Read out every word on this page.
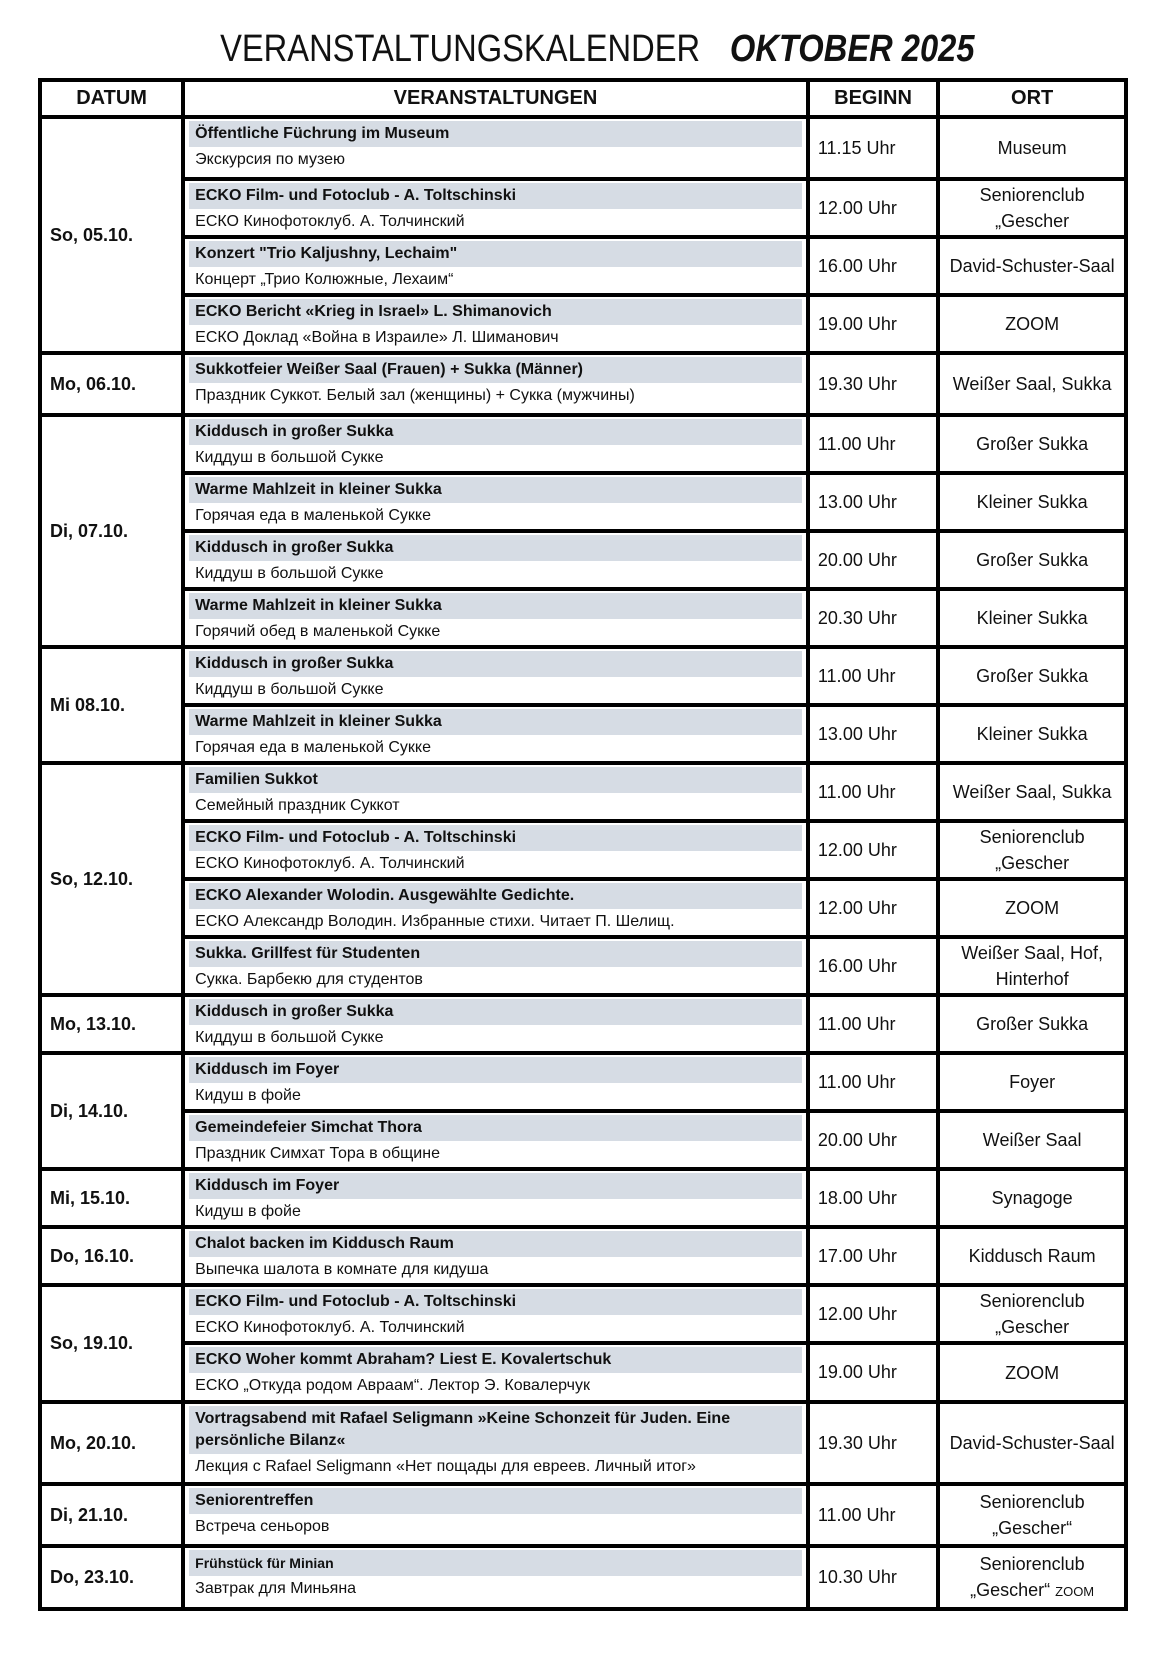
VERANSTALTUNGSKALENDER OKTOBER 2025
DATUM	VERANSTALTUNGEN	BEGINN	ORT
So, 05.10.	Öffentliche Füchrung im Museum
Экскурсия по музею	11.15 Uhr	Museum

	ECKO Film- und Fotoclub - A. Toltschinski
ЕСКО Кинофотоклуб. А. Толчинский	12.00 Uhr	Seniorenclub „Gescher

	Konzert "Trio Kaljushny, Lechaim"
Концерт „Трио Колюжные, Лехаим“	16.00 Uhr	David-Schuster-Saal

	ECKO Bericht «Krieg in Israel» L. Shimanovich
ЕСКО Доклад «Война в Израиле» Л. Шиманович	19.00 Uhr	ZOOM
Mo, 06.10.	Sukkotfeier Weißer Saal (Frauen) + Sukka (Männer)
Праздник Суккот. Белый зал (женщины) + Сукка (мужчины)	19.30 Uhr	Weißer Saal, Sukka
Di, 07.10.	Kiddusch in großer Sukka
Киддуш в большой Сукке	11.00 Uhr	Großer Sukka

	Warme Mahlzeit in kleiner Sukka
Горячая еда в маленькой Сукке	13.00 Uhr	Kleiner Sukka

	Kiddusch in großer Sukka
Киддуш в большой Сукке	20.00 Uhr	Großer Sukka

	Warme Mahlzeit in kleiner Sukka
Горячий обед в маленькой Сукке	20.30 Uhr	Kleiner Sukka
Mi 08.10.	Kiddusch in großer Sukka
Киддуш в большой Сукке	11.00 Uhr	Großer Sukka

	Warme Mahlzeit in kleiner Sukka
Горячая еда в маленькой Сукке	13.00 Uhr	Kleiner Sukka
So, 12.10.	Familien Sukkot
Семейный праздник Суккот	11.00 Uhr	Weißer Saal, Sukka

	ECKO Film- und Fotoclub - A. Toltschinski
ЕСКО Кинофотоклуб. А. Толчинский	12.00 Uhr	Seniorenclub „Gescher

	ECKO Alexander Wolodin. Ausgewählte Gedichte.
ЕСКО Александр Володин. Избранные стихи. Читает П. Шелищ.	12.00 Uhr	ZOOM

	Sukka. Grillfest für Studenten
Сукка. Барбекю для студентов	16.00 Uhr	Weißer Saal, Hof, Hinterhof
Mo, 13.10.	Kiddusch in großer Sukka
Киддуш в большой Сукке	11.00 Uhr	Großer Sukka
Di, 14.10.	Kiddusch im Foyer
Кидуш в фойе	11.00 Uhr	Foyer

	Gemeindefeier Simchat Thora
Праздник Симхат Тора в общине	20.00 Uhr	Weißer Saal
Mi, 15.10.	Kiddusch im Foyer
Кидуш в фойе	18.00 Uhr	Synagoge
Do, 16.10.	Chalot backen im Kiddusch Raum
Выпечка шалота в комнате для кидуша	17.00 Uhr	Kiddusch Raum
So, 19.10.	ECKO Film- und Fotoclub - A. Toltschinski
ЕСКО Кинофотоклуб. А. Толчинский	12.00 Uhr	Seniorenclub „Gescher

	ECKO Woher kommt Abraham? Liest E. Kovalertschuk
ЕСКО „Откуда родом Авраам“. Лектор Э. Ковалерчук	19.00 Uhr	ZOOM
Mo, 20.10.	Vortragsabend mit Rafael Seligmann »Keine Schonzeit für Juden. Eine persönliche Bilanz«
Лекция с Rafael Seligmann «Нет пощады для евреев. Личный итог»	19.30 Uhr	David-Schuster-Saal
Di, 21.10.	Seniorentreffen
Встреча сеньоров	11.00 Uhr	Seniorenclub „Gescher“
Do, 23.10.	Frühstück für Minian
Завтрак для Миньяна	10.30 Uhr	Seniorenclub „Gescher“ ZOOM
